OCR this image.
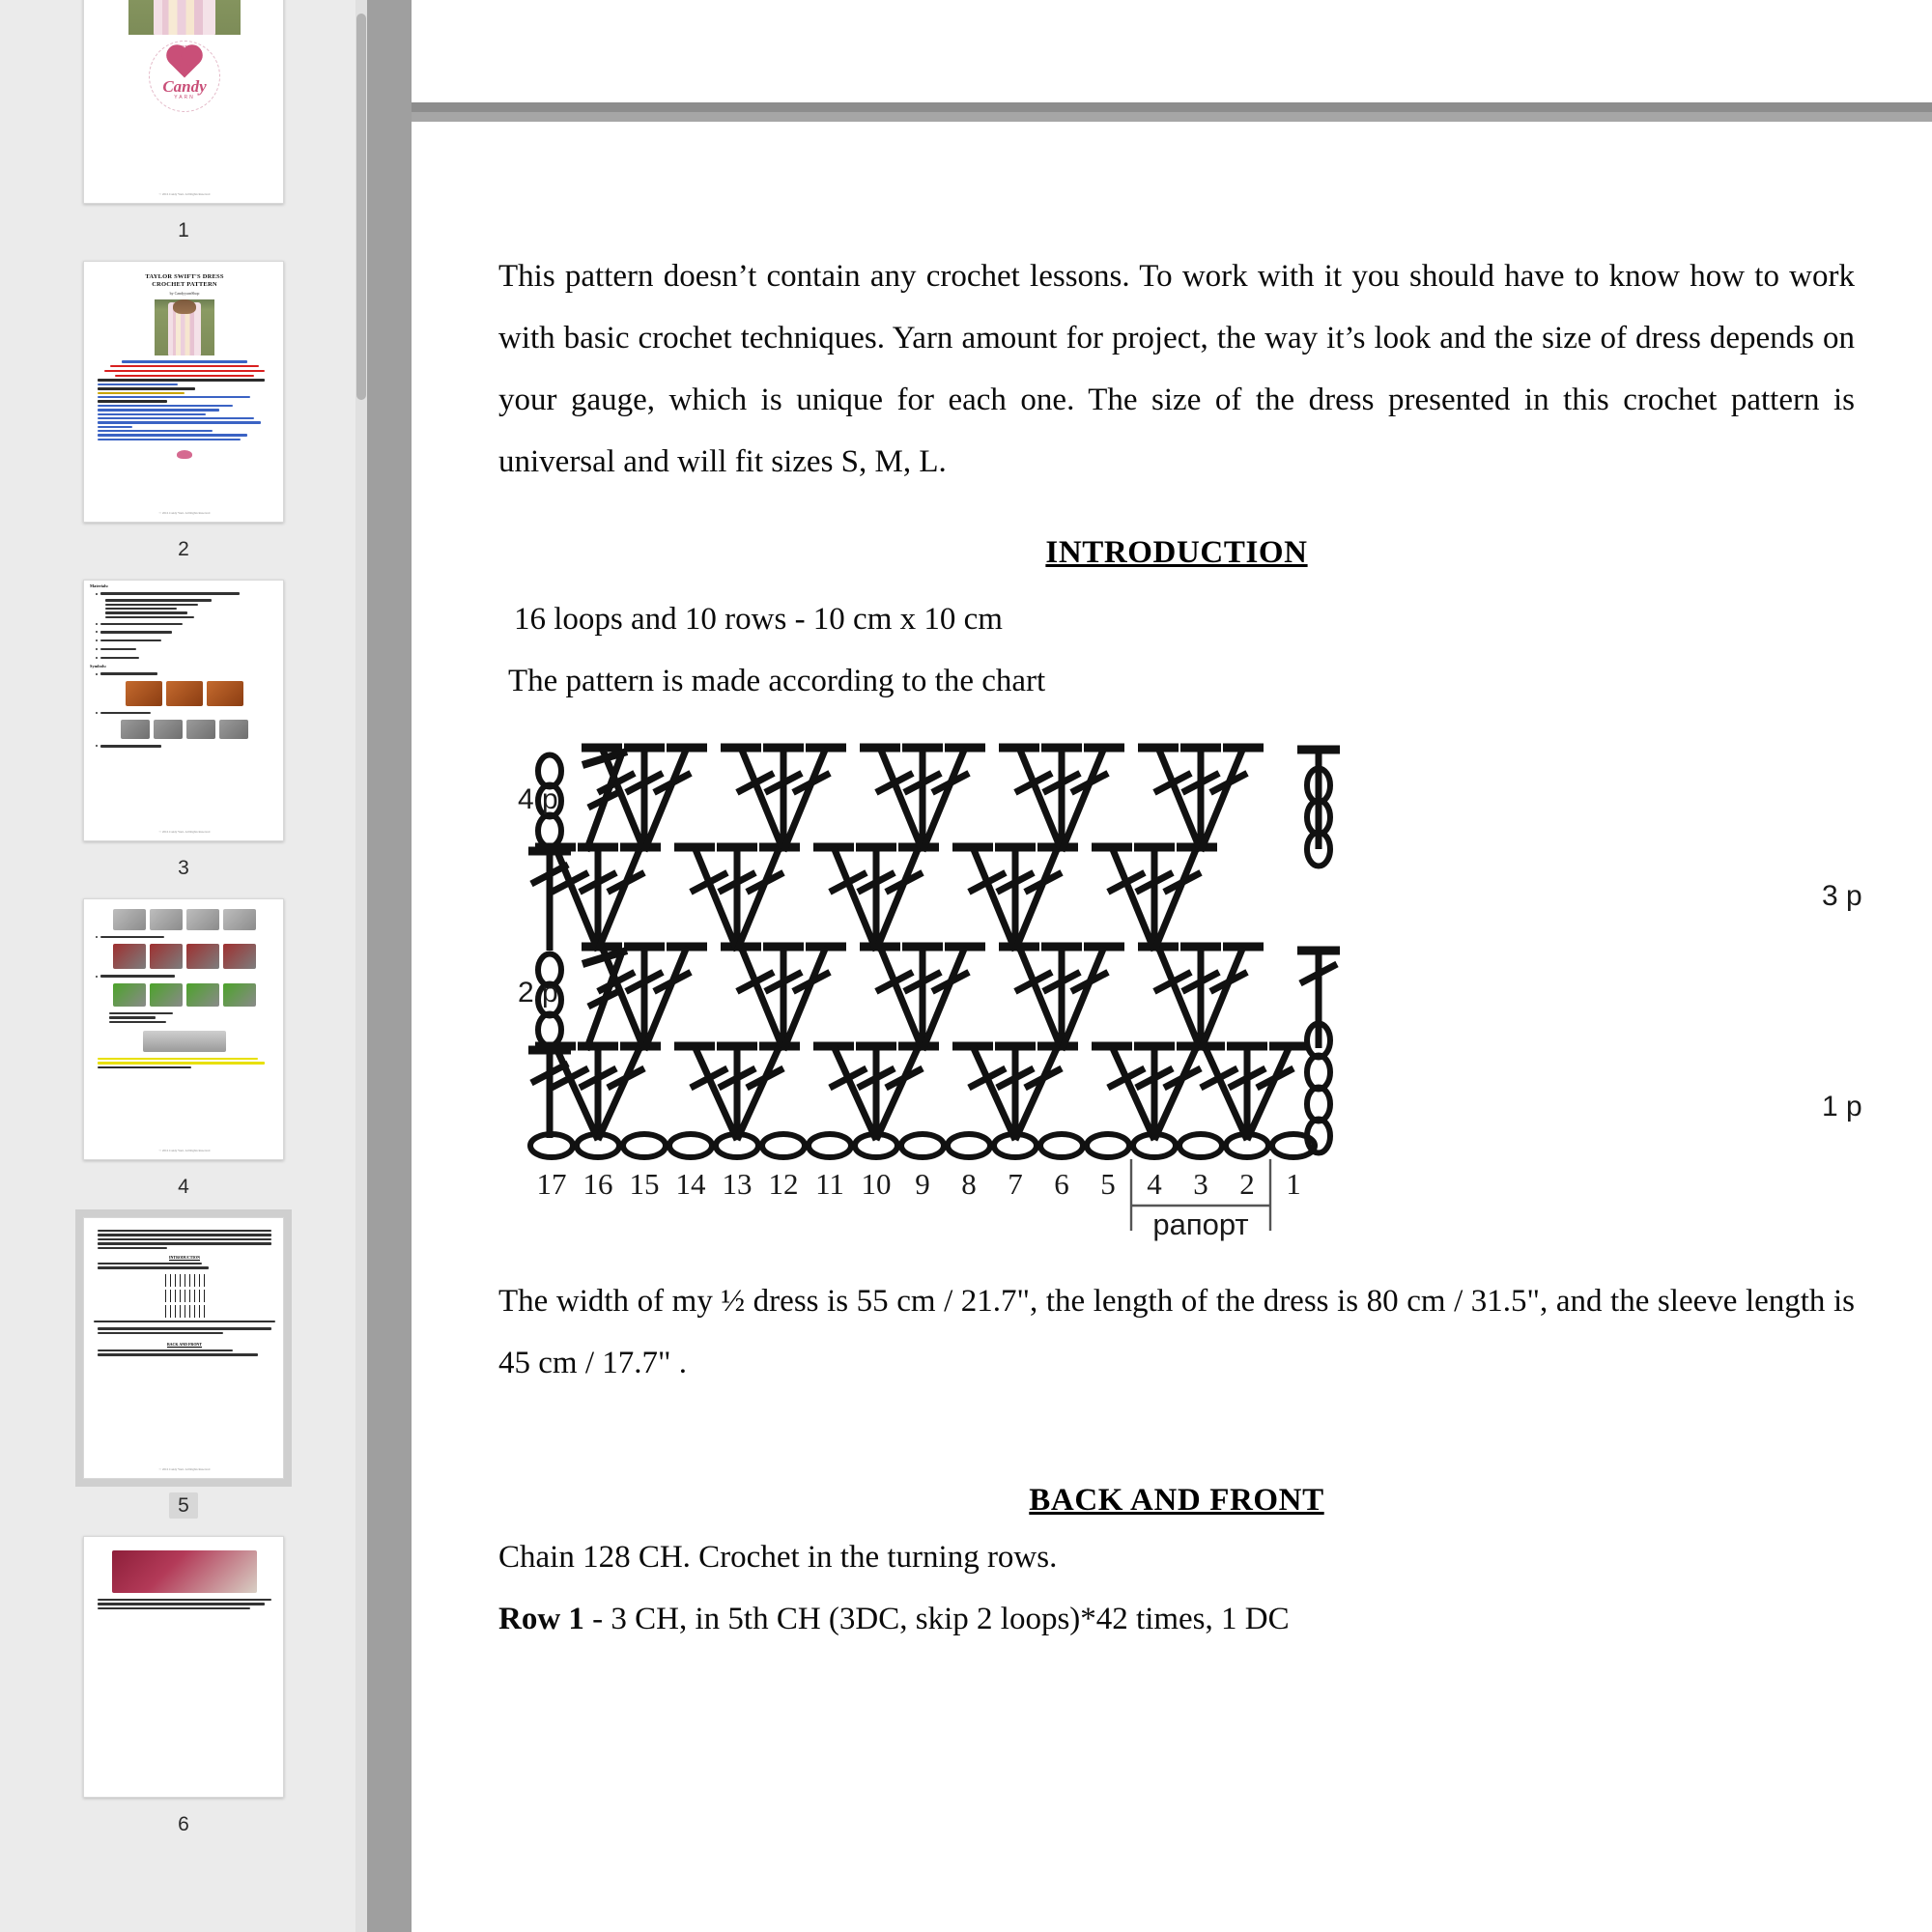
Candy
YARN
© 2016 Candy Yarn. All Rights Reserved
1
TAYLOR SWIFT'S DRESS
CROCHET PATTERN
by CandyyarnShop
© 2016 Candy Yarn. All Rights Reserved
2
Materials:
Symbols:
© 2016 Candy Yarn. All Rights Reserved
3
© 2016 Candy Yarn. All Rights Reserved
4
INTRODUCTION
BACK AND FRONT
© 2016 Candy Yarn. All Rights Reserved
5
6

This pattern doesn’t contain any crochet lessons. To work with it you should have to know how to work with basic crochet techniques. Yarn amount for project, the way it’s look and the size of dress depends on your gauge, which is unique for each one. The size of the dress presented in this crochet pattern is universal and will fit sizes S, M, L.

INTRODUCTION

16 loops and 10 rows - 10 cm x 10 cm

The pattern is made according to the chart

4 p
2 p
3 p
1 p
17 16 15 14 13 12 11 10 9	8	7	6	5	4	3	2	1
рапорт

The width of my ½ dress is 55 cm / 21.7", the length of the dress is 80 cm / 31.5", and the sleeve length is 45 cm / 17.7" .

BACK AND FRONT

Chain 128 CH. Crochet in the turning rows.

Row 1 - 3 CH, in 5th CH (3DC, skip 2 loops)*42 times, 1 DC
